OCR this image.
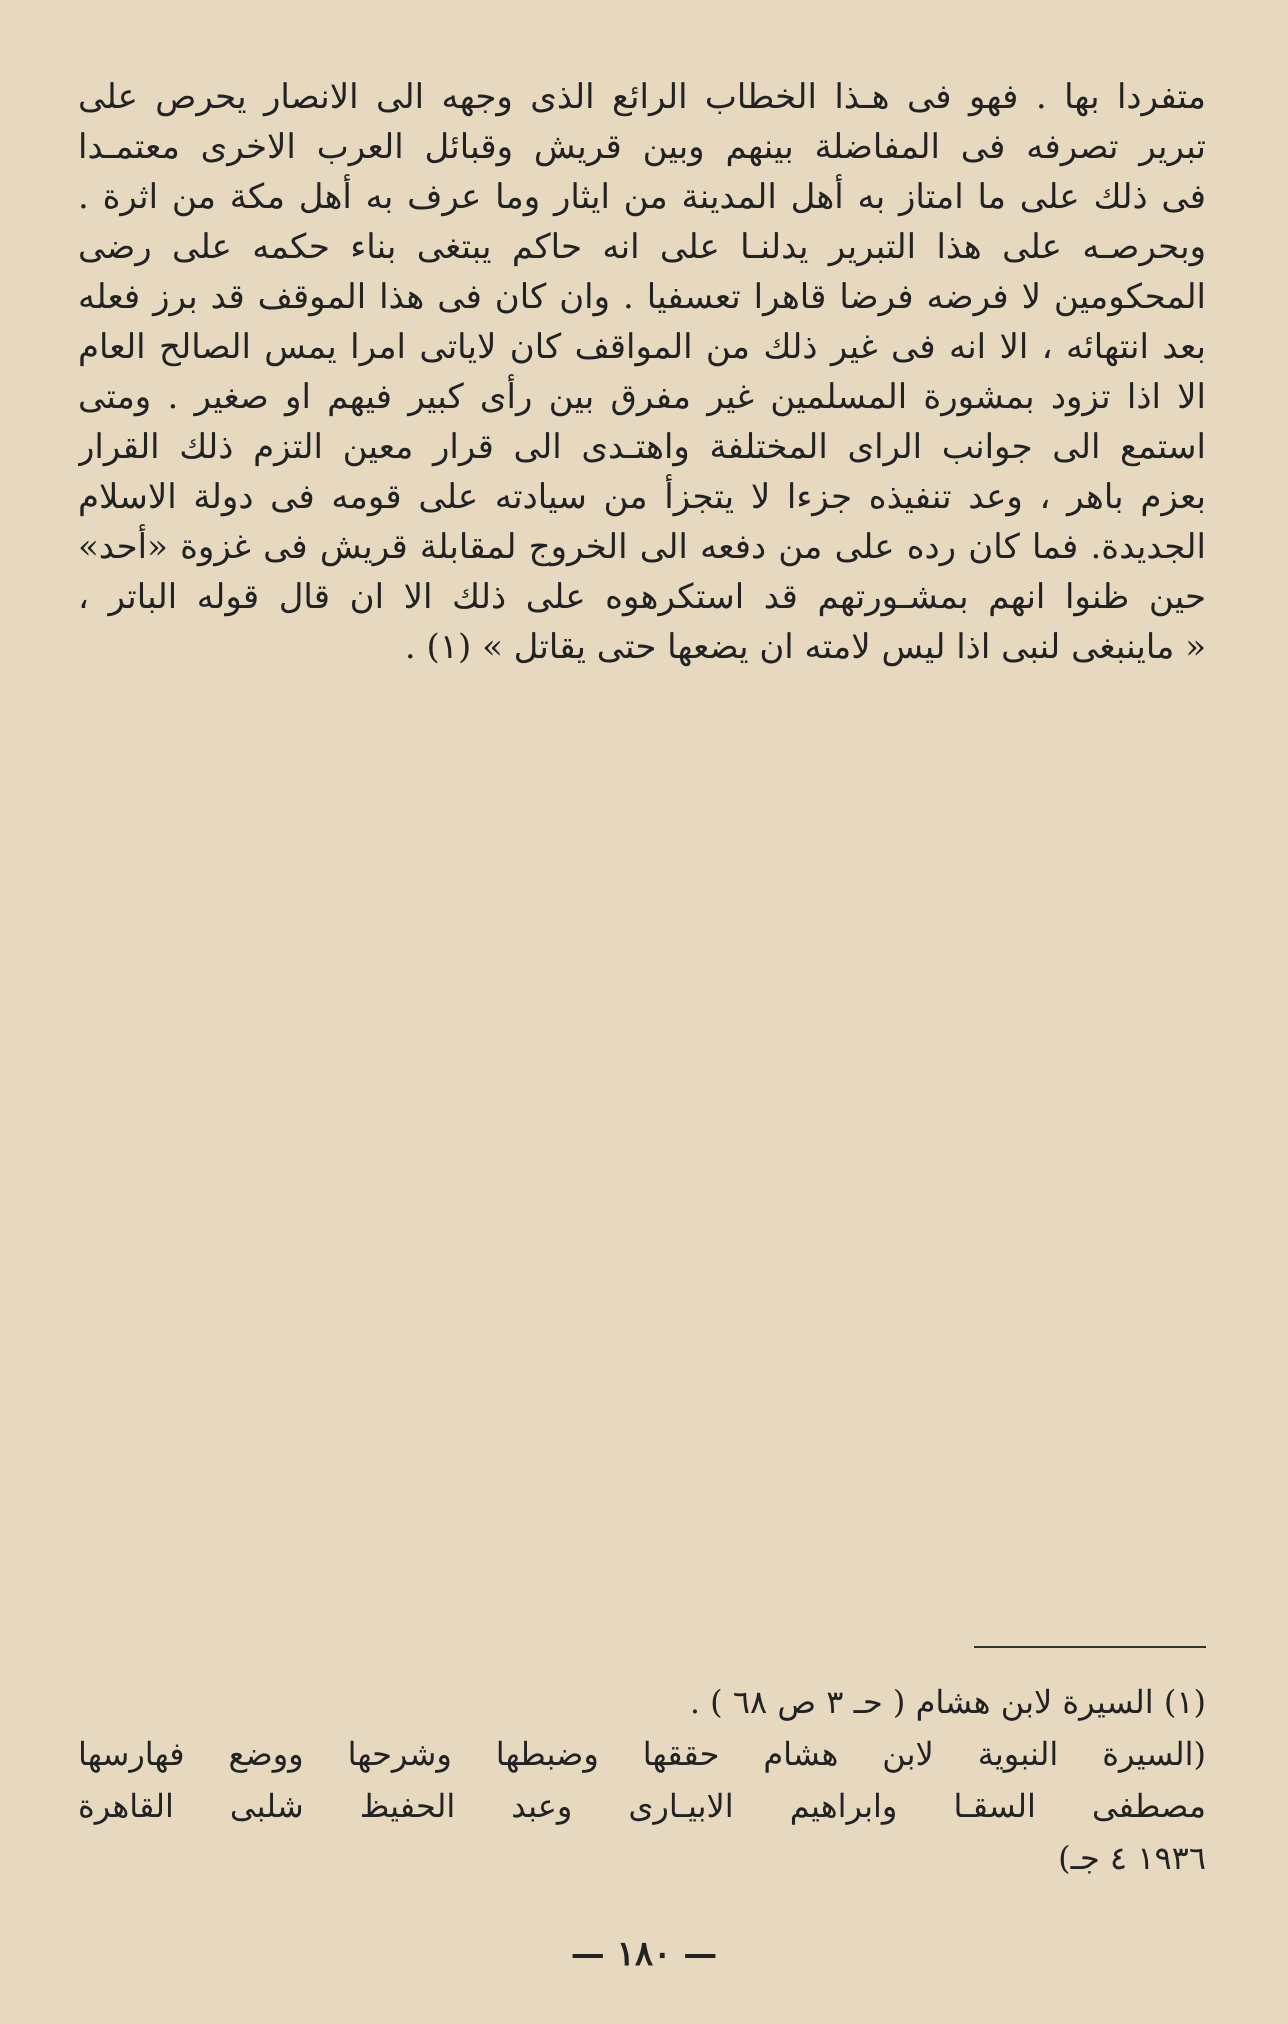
متفردا بها . فهو فى هـذا الخطاب الرائع الذى وجهه الى الانصار يحرص على
تبرير تصرفه فى المفاضلة بينهم وبين قريش وقبائل العرب الاخرى معتمـدا
فى ذلك على ما امتاز به أهل المدينة من ايثار وما عرف به أهل مكة من اثرة .
وبحرصـه على هذا التبرير يدلنـا على انه حاكم يبتغى بناء حكمه على رضى
المحكومين لا فرضه فرضا قاهرا تعسفيا . وان كان فى هذا الموقف قد برز فعله
بعد انتهائه ، الا انه فى غير ذلك من المواقف كان لاياتى امرا يمس الصالح العام
الا اذا تزود بمشورة المسلمين غير مفرق بين رأى كبير فيهم او صغير . ومتى
استمع الى جوانب الراى المختلفة واهتـدى الى قرار معين التزم ذلك القرار
بعزم باهر ، وعد تنفيذه جزءا لا يتجزأ من سيادته على قومه فى دولة الاسلام
الجديدة. فما كان رده على من دفعه الى الخروج لمقابلة قريش فى غزوة «أحد»
حين ظنوا انهم بمشـورتهم قد استكرهوه على ذلك الا ان قال قوله الباتر ،
« ماينبغى لنبى اذا ليس لامته ان يضعها حتى يقاتل » (١) .
(١) السيرة لابن هشام ( حـ ٣ ص ٦٨ ) .
(السيرة النبوية لابن هشام حققها وضبطها وشرحها ووضع فهارسها
مصطفى السقـا وابراهيم الابيـارى وعبد الحفيظ شلبى القاهرة
١٩٣٦ ٤ جـ)
— ١٨٠ —
